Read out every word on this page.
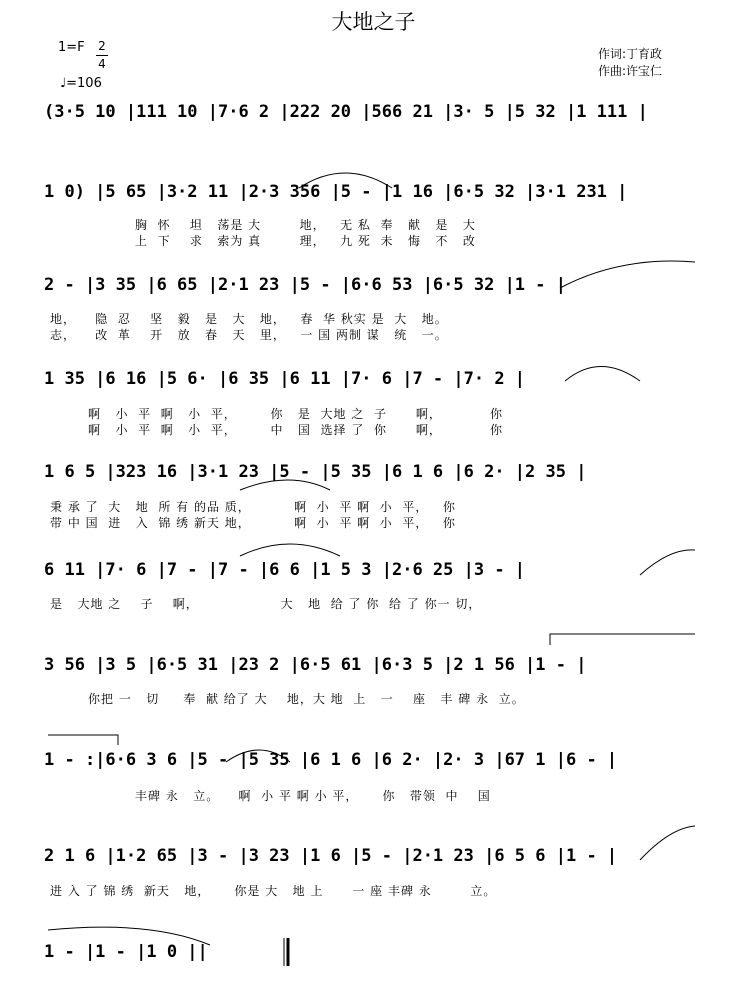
大地之子
1=F	2
4
♩=106
作词:丁育政
作曲:许宝仁
(3·5 10 |111 10 |7·6 2 |222 20 |566 21 |3· 5 |5 32 |1 111 |
1 0) |5 65 |3·2 11 |2·3 356 |5 - |1 16 |6·5 32 |3·1 231 |
胸  怀    坦   荡是 大        地，   无 私  奉   献   是   大
上  下    求   索为 真        理，   九 死  未   悔   不   改
2 - |3 35 |6 65 |2·1 23 |5 - |6·6 53 |6·5 32 |1 - |
地，    隐  忍    坚   毅   是   大   地，   春  华 秋实 是  大   地。
志，    改  革    开   放   春   天   里，   一 国 两制 谋   统   一。
1 35 |6 16 |5 6· |6 35 |6 11 |7· 6 |7 - |7· 2 |
啊   小  平  啊   小  平，       你   是  大地 之  子      啊，          你
啊   小  平  啊   小  平，       中   国  选择 了  你      啊，          你
1 6 5 |323 16 |3·1 23 |5 - |5 35 |6 1 6 |6 2· |2 35 |
秉 承 了  大   地  所 有 的品 质，         啊  小  平 啊  小  平，   你
带 中 国  进   入  锦 绣 新天 地，         啊  小  平 啊  小  平，   你
6 11 |7· 6 |7 - |7 - |6 6 |1 5 3 |2·6 25 |3 - |
是   大地 之    子    啊，                 大   地  给 了 你  给 了 你一 切，
3 56 |3 5 |6·5 31 |23 2 |6·5 61 |6·3 5 |2 1 56 |1 - |
你把 一   切     奉  献 给了 大    地，大 地  上   一    座   丰 碑 永  立。
1 - :|6·6 3 6 |5 - |5 35 |6 1 6 |6 2· |2· 3 |67 1 |6 - |
丰碑 永   立。    啊  小 平 啊 小 平，     你   带领  中    国
2 1 6 |1·2 65 |3 - |3 23 |1 6 |5 - |2·1 23 |6 5 6 |1 - |
进 入 了 锦 绣  新天   地，     你是 大   地 上      一 座 丰碑 永        立。
1 - |1 - |1 0 ||
